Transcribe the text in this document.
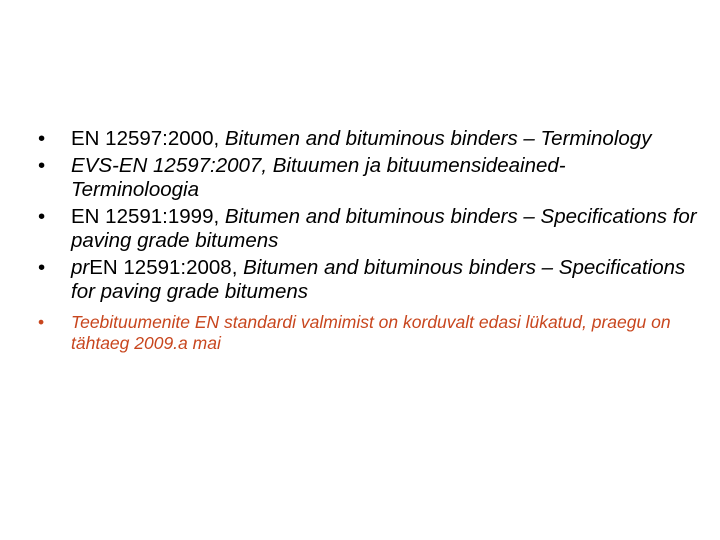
•	EN 12597:2000, Bitumen and bituminous binders – Terminology
•	EVS-EN 12597:2007, Bituumen ja bituumensideained- Terminoloogia
•	EN 12591:1999, Bitumen and bituminous binders – Specifications for paving grade bitumens
•	prEN 12591:2008, Bitumen and bituminous binders – Specifications for paving grade bitumens
•	Teebituumenite EN standardi valmimist on korduvalt edasi lükatud, praegu on tähtaeg 2009.a mai
